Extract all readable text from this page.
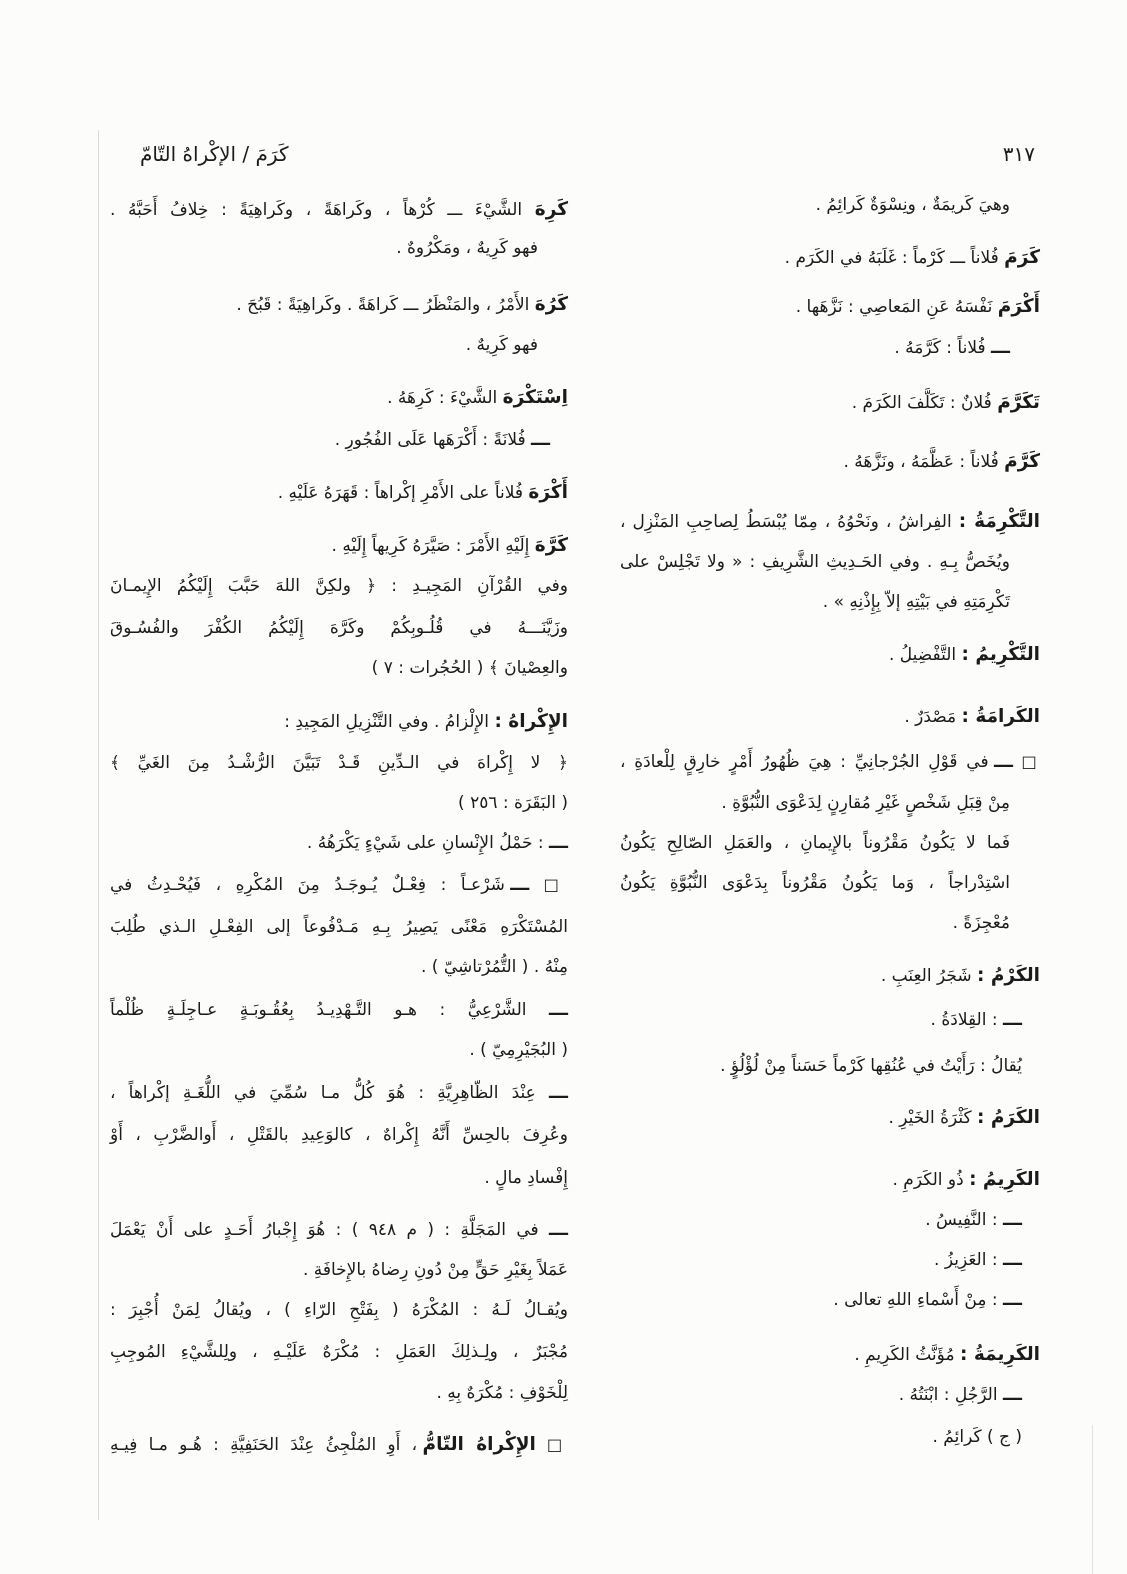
٣١٧
كَرَمَ / الإكْراهُ التّامّ
وهيَ كَريمَةٌ ، ونِسْوَةٌ كَرائِمُ .
كَرَمَ فُلاناً ـــ كَرْماً : غَلَبَهُ في الكَرَم .
أَكْرَمَ نَفْسَهُ عَنِ المَعاصِي : نَزَّهَها .
ـــ فُلاناً : كَرَّمَهُ .
تَكَرَّمَ فُلانٌ : تَكَلَّفَ الكَرَمَ .
كَرَّمَ فُلاناً : عَظَّمَهُ ، ونَزَّهَهُ .
التَّكْرِمَةُ : الفِراشُ ، ونَحْوُهُ ، مِمّا يُبْسَطُ لِصاحِبِ المَنْزِل ،
ويُخَصُّ بِـهِ . وفي الحَـدِيثِ الشَّرِيفِ : « ولا تَجْلِسْ على
تَكْرِمَتِهِ في بَيْتِهِ إلاّ بِإِذْنِهِ » .
التَّكْرِيمُ : التَّفْضِيلُ .
الكَرامَةُ : مَصْدَرٌ .
□ ـــ في قَوْلِ الجُرْجانِيِّ : هِيَ ظُهُورُ أَمْرٍ خارِقٍ لِلْعادَةِ ،
مِنْ قِبَلِ شَخْصٍ غَيْرِ مُقارِنٍ لِدَعْوَى النُّبُوَّةِ .
فَما لا يَكُونُ مَقْرُوناً بالإِيمانِ ، والعَمَلِ الصّالِحِ يَكُونُ
اسْتِدْراجاً ، وَما يَكُونُ مَقْرُوناً بِدَعْوَى النُّبُوَّةِ يَكُونُ
مُعْجِزَةً .
الكَرْمُ : شَجَرُ العِنَبِ .
ـــ : القِلادَةُ .
يُقالُ : رَأَيْتُ في عُنُقِها كَرْماً حَسَناً مِنْ لُؤْلُؤٍ .
الكَرَمُ : كَثْرَةُ الخَيْرِ .
الكَرِيمُ : ذُو الكَرَمِ .
ـــ : النَّفِيسُ .
ـــ : العَزِيزُ .
ـــ : مِنْ أَسْماءِ اللهِ تعالى .
الكَرِيمَةُ : مُؤَنَّثُ الكَرِيمِ .
ـــ الرَّجُلِ : ابْنَتُهُ .
( ج ) كَرائِمُ .
كَرِهَ الشَّيْءَ ـــ كُرْهاً ، وكَراهَةً ، وكَراهِيَةً : خِلافُ أَحَبَّهُ .
فهو كَرِيهٌ ، ومَكْرُوهٌ .
كَرُهَ الأَمْرُ ، والمَنْظَرُ ـــ كَراهَةً . وكَراهِيَةً : قَبُحَ .
فهو كَرِيهٌ .
اِسْتَكْرَهَ الشَّيْءَ : كَرِهَهُ .
ـــ فُلانَةً : أَكْرَهَها عَلَى الفُجُورِ .
أَكْرَهَ فُلاناً على الأَمْرِ إكْراهاً : قَهَرَهُ عَلَيْهِ .
كَرَّهَ إِلَيْهِ الأَمْرَ : صَيَّرَهُ كَرِيهاً إِلَيْهِ .
وفي القُرْآنِ المَجِيـدِ : ﴿ ولكِنَّ اللهَ حَبَّبَ إِلَيْكُمُ الإِيمـانَ
وزَيَّنَـــهُ في قُلُـوبِكُمْ وكَرَّهَ إِلَيْكُمُ الكُفْرَ والفُسُـوقَ
والعِصْيانَ ﴾ ( الحُجُرات : ٧ )
الإِكْراهُ : الإِلْزامُ . وفي التَّنْزِيلِ المَجِيدِ :
﴿ لا إِكْراهَ في الـدِّينِ قَـدْ تَبَيَّنَ الرُّشْـدُ مِنَ الغَيِّ ﴾
( البَقَرَة : ٢٥٦ )
ـــ : حَمْلُ الإِنْسانِ على شَيْءٍ يَكْرَهُهُ .
□ ـــ شَرْعـاً : فِعْـلٌ يُـوجَـدُ مِنَ المُكْرِهِ ، فَيُحْـدِثُ في
المُسْتَكْرَهِ مَعْنًى يَصِيرُ بِـهِ مَـدْفُوعاً إلى الفِعْـلِ الـذي طُلِبَ
مِنْهُ . ( التُّمُرْتاشِيّ ) .
ـــ الشَّرْعِيُّ : هـو التَّـهْدِيـدُ بِعُقُـوبَـةٍ عـاجِلَـةٍ ظُلْماً
( البُجَيْرِمِيّ ) .
ـــ عِنْدَ الظّاهِرِيَّةِ : هُوَ كُلُّ مـا سُمِّيَ في اللُّغَـةِ إكْراهاً ،
وعُرِفَ بالحِسِّ أَنَّهُ إِكْراهٌ ، كالوَعِيدِ بالقَتْلِ ، أَوالضَّرْبِ ، أَوْ
إِفْسادِ مالٍ .
ـــ في المَجَلَّةِ : ( م ٩٤٨ ) : هُوَ إِجْبارُ أَحَـدٍ على أَنْ يَعْمَلَ
عَمَلاً بِغَيْرِ حَقٍّ مِنْ دُونِ رِضاهُ بالإِخافَةِ .
ويُقـالُ لَـهُ : المُكْرَهُ ( بِفَتْحِ الرّاءِ ) ، ويُقالُ لِمَنْ أُجْبِرَ :
مُجْبَرٌ ، ولِـذلِكَ العَمَلِ : مُكْرَهٌ عَلَيْـهِ ، ولِلشَّيْءِ المُوجِبِ
لِلْخَوْفِ : مُكْرَهٌ بِهِ .
□ الإِكْراهُ التّامُّ ، أَوِ المُلْجِئُ عِنْدَ الحَنَفِيَّةِ : هُـو مـا فِيـهِ
